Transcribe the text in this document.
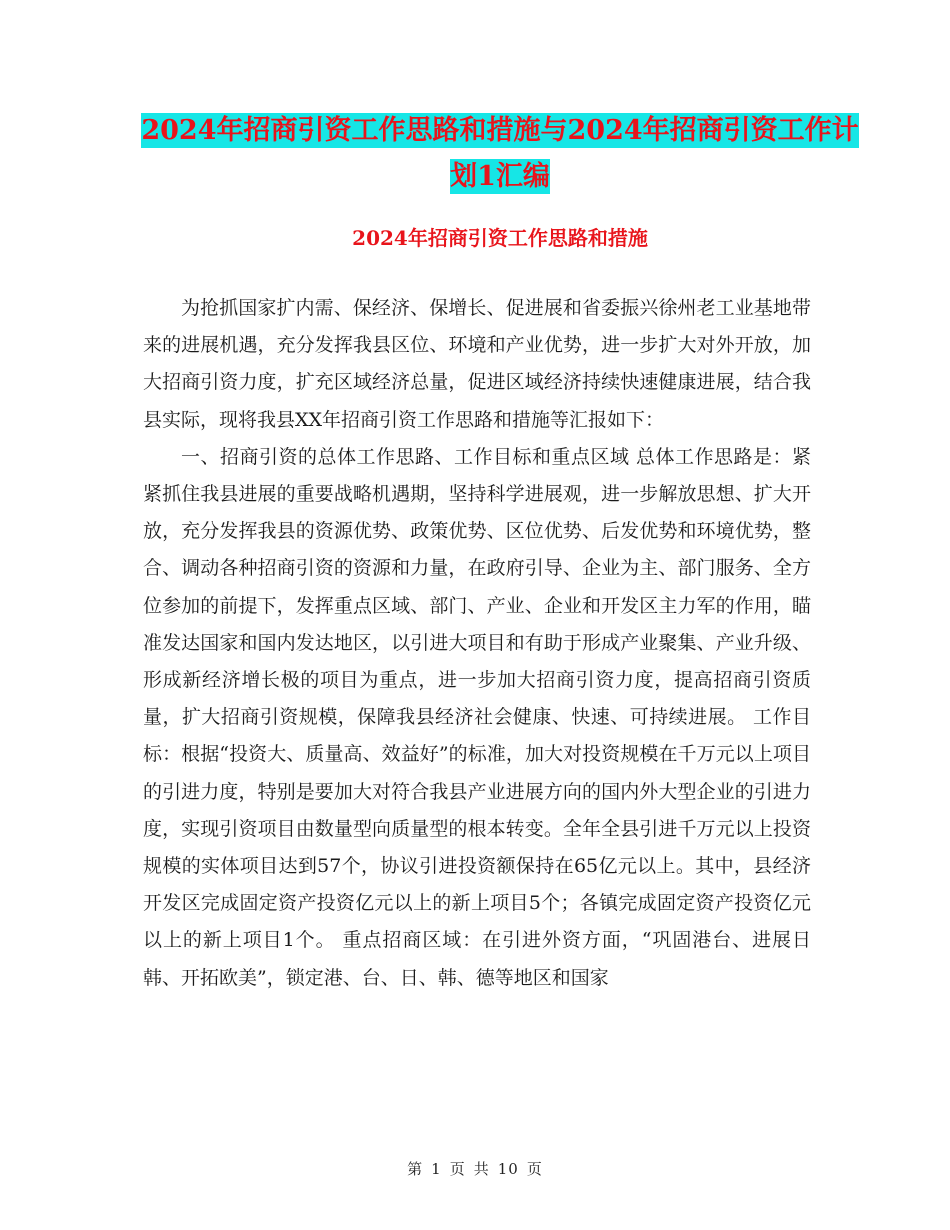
2024年招商引资工作思路和措施与2024年招商引资工作计划1汇编
2024年招商引资工作思路和措施

为抢抓国家扩内需、保经济、保增长、促进展和省委振兴徐州老工业基地带来的进展机遇，充分发挥我县区位、环境和产业优势，进一步扩大对外开放，加大招商引资力度，扩充区域经济总量，促进区域经济持续快速健康进展，结合我县实际，现将我县XX年招商引资工作思路和措施等汇报如下：

一、招商引资的总体工作思路、工作目标和重点区域 总体工作思路是：紧紧抓住我县进展的重要战略机遇期，坚持科学进展观，进一步解放思想、扩大开放，充分发挥我县的资源优势、政策优势、区位优势、后发优势和环境优势，整合、调动各种招商引资的资源和力量，在政府引导、企业为主、部门服务、全方位参加的前提下，发挥重点区域、部门、产业、企业和开发区主力军的作用，瞄准发达国家和国内发达地区，以引进大项目和有助于形成产业聚集、产业升级、形成新经济增长极的项目为重点，进一步加大招商引资力度，提高招商引资质量，扩大招商引资规模，保障我县经济社会健康、快速、可持续进展。 工作目标：根据“投资大、质量高、效益好”的标准，加大对投资规模在千万元以上项目的引进力度，特别是要加大对符合我县产业进展方向的国内外大型企业的引进力度，实现引资项目由数量型向质量型的根本转变。全年全县引进千万元以上投资规模的实体项目达到57个，协议引进投资额保持在65亿元以上。其中，县经济开发区完成固定资产投资亿元以上的新上项目5个；各镇完成固定资产投资亿元以上的新上项目1个。 重点招商区域：在引进外资方面，“巩固港台、进展日韩、开拓欧美”，锁定港、台、日、韩、德等地区和国家

第 1 页 共 10 页
